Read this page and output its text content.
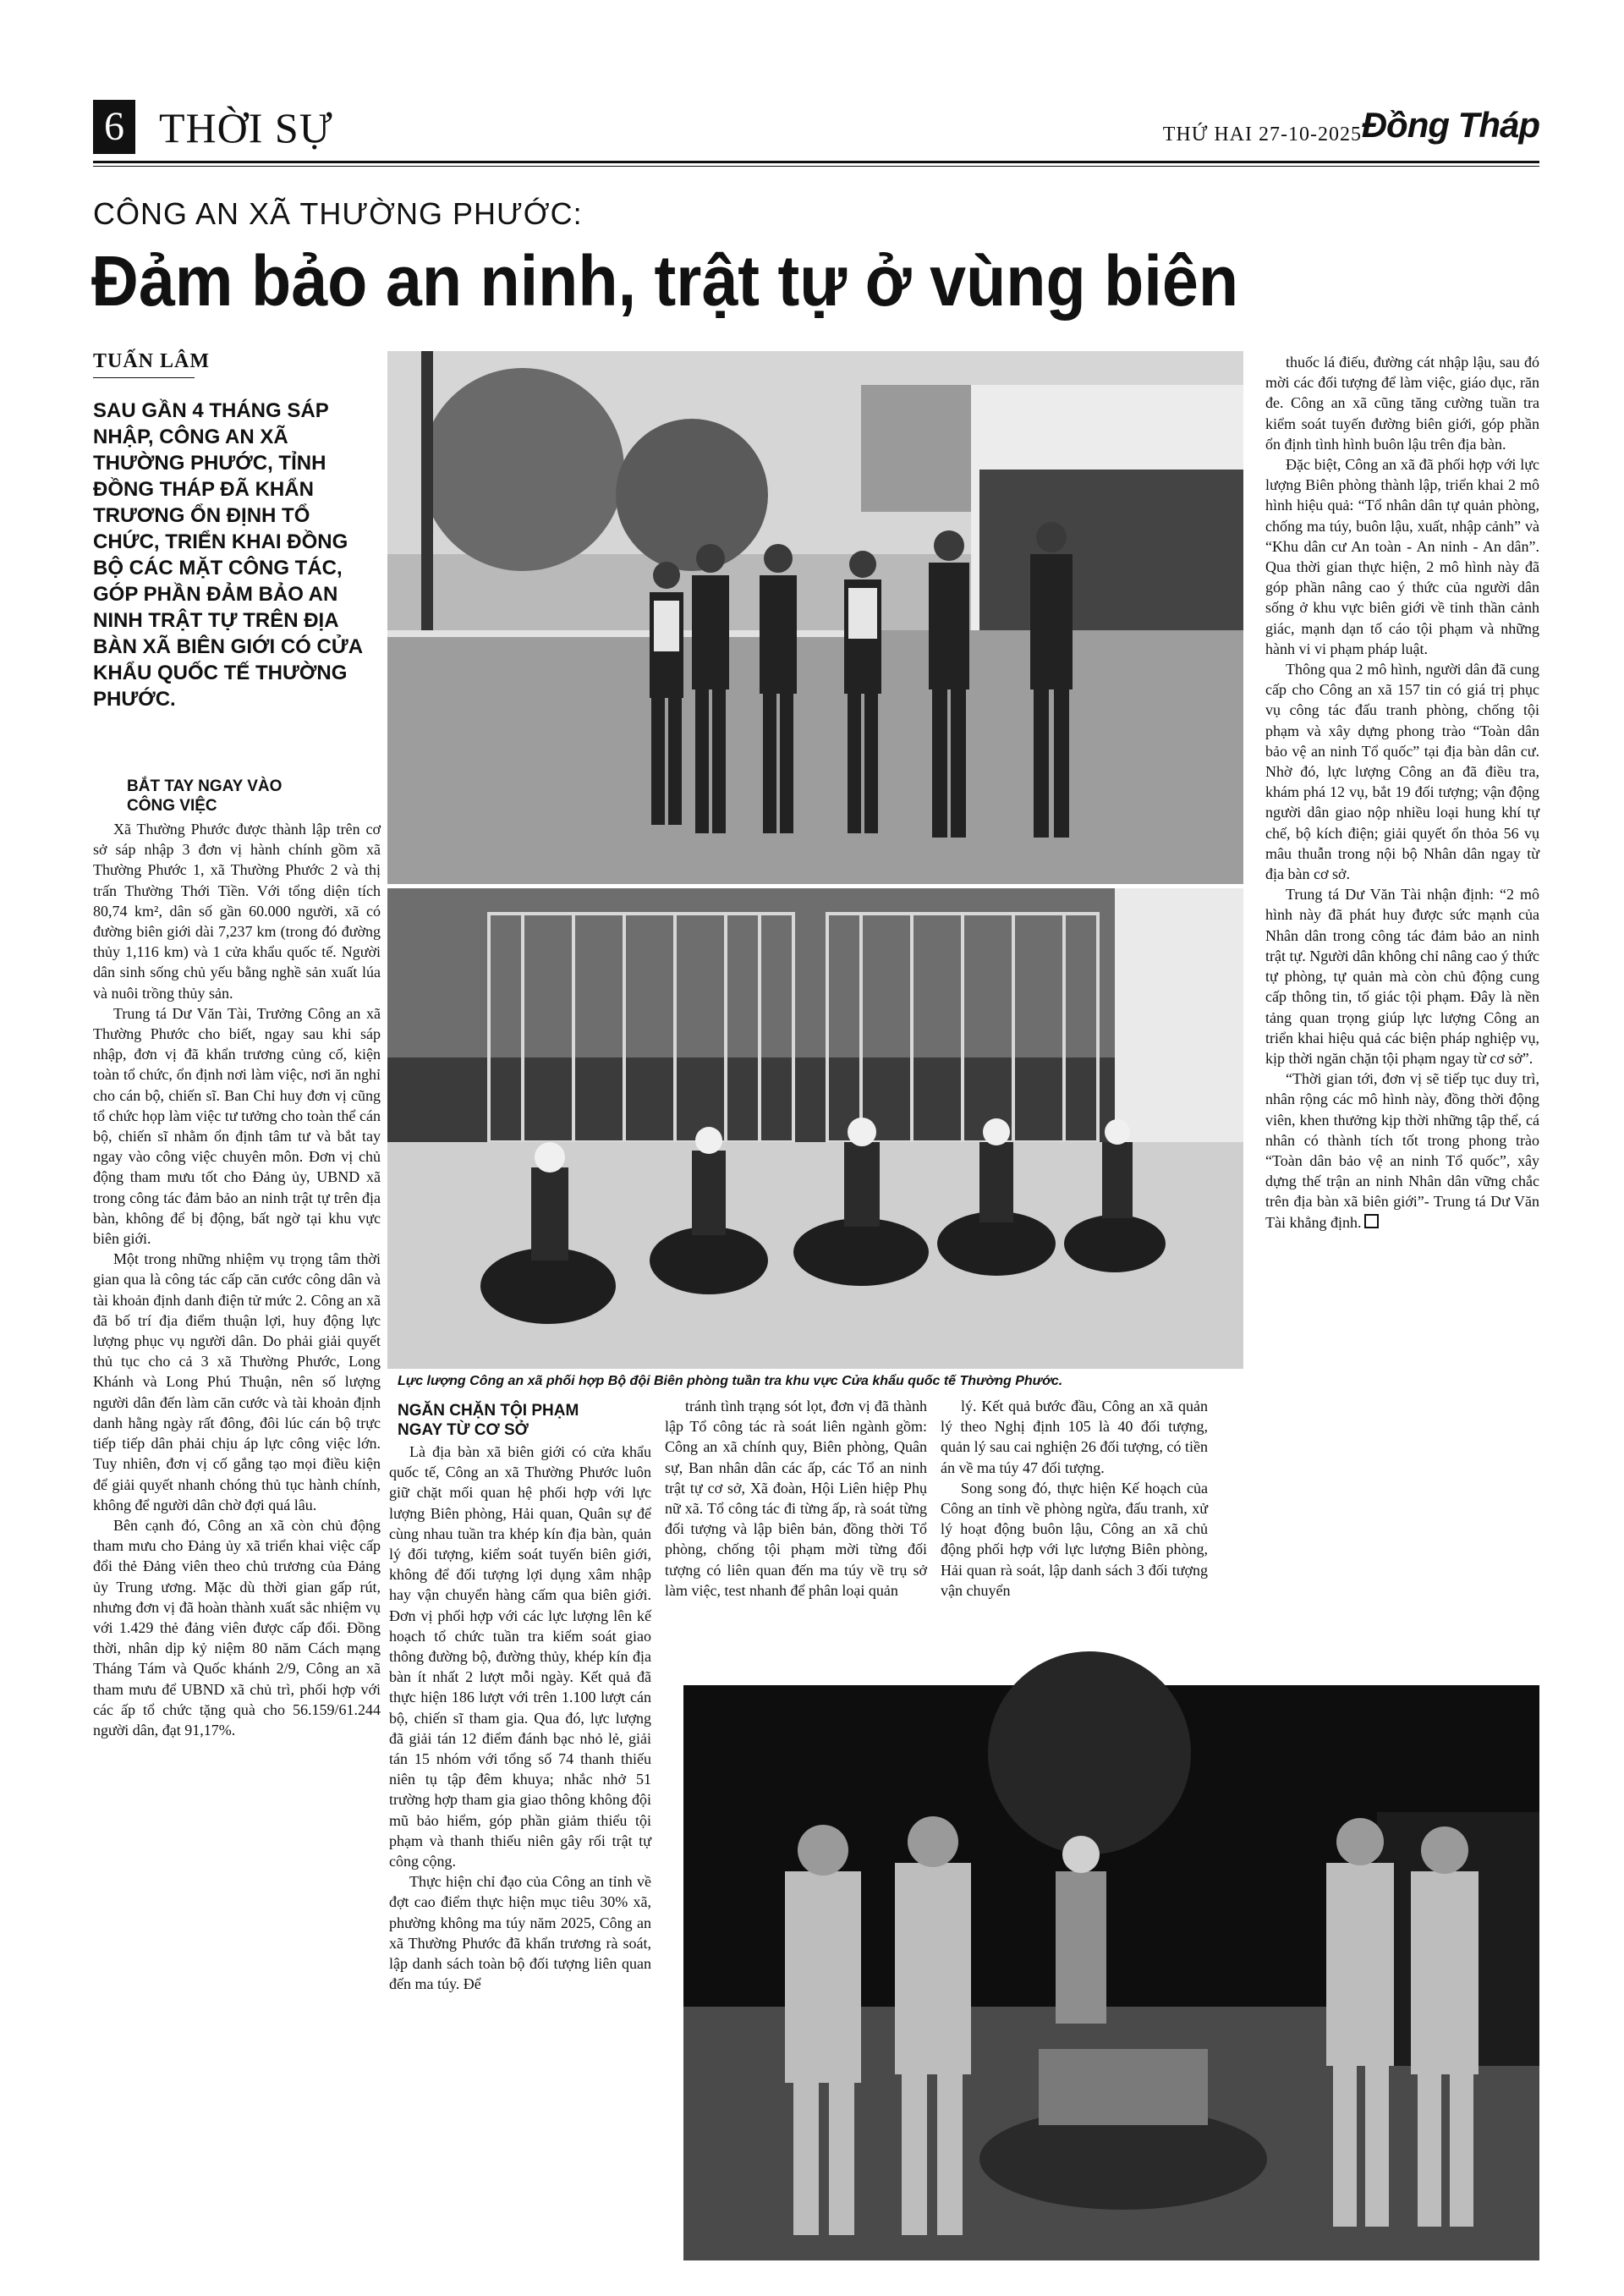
6 THỜI SỰ	THỨ HAI 27-10-2025 Đồng Tháp
CÔNG AN XÃ THƯỜNG PHƯỚC:
Đảm bảo an ninh, trật tự ở vùng biên
TUẤN LÂM
SAU GẦN 4 THÁNG SÁP NHẬP, CÔNG AN XÃ THƯỜNG PHƯỚC, TỈNH ĐỒNG THÁP ĐÃ KHẨN TRƯƠNG ỔN ĐỊNH TỔ CHỨC, TRIỂN KHAI ĐỒNG BỘ CÁC MẶT CÔNG TÁC, GÓP PHẦN ĐẢM BẢO AN NINH TRẬT TỰ TRÊN ĐỊA BÀN XÃ BIÊN GIỚI CÓ CỬA KHẨU QUỐC TẾ THƯỜNG PHƯỚC.
BẮT TAY NGAY VÀO CÔNG VIỆC

Xã Thường Phước được thành lập trên cơ sở sáp nhập 3 đơn vị hành chính gồm xã Thường Phước 1, xã Thường Phước 2 và thị trấn Thường Thới Tiền. Với tổng diện tích 80,74 km², dân số gần 60.000 người, xã có đường biên giới dài 7,237 km (trong đó đường thủy 1,116 km) và 1 cửa khẩu quốc tế. Người dân sinh sống chủ yếu bằng nghề sản xuất lúa và nuôi trồng thủy sản.

Trung tá Dư Văn Tài, Trưởng Công an xã Thường Phước cho biết, ngay sau khi sáp nhập, đơn vị đã khẩn trương củng cố, kiện toàn tổ chức, ổn định nơi làm việc, nơi ăn nghỉ cho cán bộ, chiến sĩ. Ban Chỉ huy đơn vị cũng tổ chức họp làm việc tư tưởng cho toàn thể cán bộ, chiến sĩ nhằm ổn định tâm tư và bắt tay ngay vào công việc chuyên môn. Đơn vị chủ động tham mưu tốt cho Đảng ủy, UBND xã trong công tác đảm bảo an ninh trật tự trên địa bàn, không để bị động, bất ngờ tại khu vực biên giới.

Một trong những nhiệm vụ trọng tâm thời gian qua là công tác cấp căn cước công dân và tài khoản định danh điện tử mức 2. Công an xã đã bố trí địa điểm thuận lợi, huy động lực lượng phục vụ người dân. Do phải giải quyết thủ tục cho cả 3 xã Thường Phước, Long Khánh và Long Phú Thuận, nên số lượng người dân đến làm căn cước và tài khoản định danh hằng ngày rất đông, đôi lúc cán bộ trực tiếp tiếp dân phải chịu áp lực công việc lớn. Tuy nhiên, đơn vị cố gắng tạo mọi điều kiện để giải quyết nhanh chóng thủ tục hành chính, không để người dân chờ đợi quá lâu.

Bên cạnh đó, Công an xã còn chủ động tham mưu cho Đảng ủy xã triển khai việc cấp đổi thẻ Đảng viên theo chủ trương của Đảng ủy Trung ương. Mặc dù thời gian gấp rút, nhưng đơn vị đã hoàn thành xuất sắc nhiệm vụ với 1.429 thẻ đảng viên được cấp đổi. Đồng thời, nhân dịp kỷ niệm 80 năm Cách mạng Tháng Tám và Quốc khánh 2/9, Công an xã tham mưu để UBND xã chủ trì, phối hợp với các ấp tổ chức tặng quà cho 56.159/61.244 người dân, đạt 91,17%.

Lực lượng Công an xã phối hợp Bộ đội Biên phòng tuần tra khu vực Cửa khẩu quốc tế Thường Phước.
NGĂN CHẶN TỘI PHẠM NGAY TỪ CƠ SỞ

Là địa bàn xã biên giới có cửa khẩu quốc tế, Công an xã Thường Phước luôn giữ chặt mối quan hệ phối hợp với lực lượng Biên phòng, Hải quan, Quân sự để cùng nhau tuần tra khép kín địa bàn, quản lý đối tượng, kiểm soát tuyến biên giới, không để đối tượng lợi dụng xâm nhập hay vận chuyển hàng cấm qua biên giới. Đơn vị phối hợp với các lực lượng lên kế hoạch tổ chức tuần tra kiểm soát giao thông đường bộ, đường thủy, khép kín địa bàn ít nhất 2 lượt mỗi ngày. Kết quả đã thực hiện 186 lượt với trên 1.100 lượt cán bộ, chiến sĩ tham gia. Qua đó, lực lượng đã giải tán 12 điểm đánh bạc nhỏ lẻ, giải tán 15 nhóm với tổng số 74 thanh thiếu niên tụ tập đêm khuya; nhắc nhở 51 trường hợp tham gia giao thông không đội mũ bảo hiểm, góp phần giảm thiểu tội phạm và thanh thiếu niên gây rối trật tự công cộng.

Thực hiện chỉ đạo của Công an tỉnh về đợt cao điểm thực hiện mục tiêu 30% xã, phường không ma túy năm 2025, Công an xã Thường Phước đã khẩn trương rà soát, lập danh sách toàn bộ đối tượng liên quan đến ma túy. Để

tránh tình trạng sót lọt, đơn vị đã thành lập Tổ công tác rà soát liên ngành gồm: Công an xã chính quy, Biên phòng, Quân sự, Ban nhân dân các ấp, các Tổ an ninh trật tự cơ sở, Xã đoàn, Hội Liên hiệp Phụ nữ xã. Tổ công tác đi từng ấp, rà soát từng đối tượng và lập biên bản, đồng thời Tổ phòng, chống tội phạm mời từng đối tượng có liên quan đến ma túy về trụ sở làm việc, test nhanh để phân loại quản

lý. Kết quả bước đầu, Công an xã quản lý theo Nghị định 105 là 40 đối tượng, quản lý sau cai nghiện 26 đối tượng, có tiền án về ma túy 47 đối tượng.

Song song đó, thực hiện Kế hoạch của Công an tỉnh về phòng ngừa, đấu tranh, xử lý hoạt động buôn lậu, Công an xã chủ động phối hợp với lực lượng Biên phòng, Hải quan rà soát, lập danh sách 3 đối tượng vận chuyển

thuốc lá điếu, đường cát nhập lậu, sau đó mời các đối tượng để làm việc, giáo dục, răn đe. Công an xã cũng tăng cường tuần tra kiểm soát tuyến đường biên giới, góp phần ổn định tình hình buôn lậu trên địa bàn.

Đặc biệt, Công an xã đã phối hợp với lực lượng Biên phòng thành lập, triển khai 2 mô hình hiệu quả: “Tổ nhân dân tự quản phòng, chống ma túy, buôn lậu, xuất, nhập cảnh” và “Khu dân cư An toàn - An ninh - An dân”. Qua thời gian thực hiện, 2 mô hình này đã góp phần nâng cao ý thức của người dân sống ở khu vực biên giới về tinh thần cảnh giác, mạnh dạn tố cáo tội phạm và những hành vi vi phạm pháp luật.

Thông qua 2 mô hình, người dân đã cung cấp cho Công an xã 157 tin có giá trị phục vụ công tác đấu tranh phòng, chống tội phạm và xây dựng phong trào “Toàn dân bảo vệ an ninh Tổ quốc” tại địa bàn dân cư. Nhờ đó, lực lượng Công an đã điều tra, khám phá 12 vụ, bắt 19 đối tượng; vận động người dân giao nộp nhiều loại hung khí tự chế, bộ kích điện; giải quyết ổn thỏa 56 vụ mâu thuẫn trong nội bộ Nhân dân ngay từ địa bàn cơ sở.

Trung tá Dư Văn Tài nhận định: “2 mô hình này đã phát huy được sức mạnh của Nhân dân trong công tác đảm bảo an ninh trật tự. Người dân không chỉ nâng cao ý thức tự phòng, tự quản mà còn chủ động cung cấp thông tin, tố giác tội phạm. Đây là nền tảng quan trọng giúp lực lượng Công an triển khai hiệu quả các biện pháp nghiệp vụ, kịp thời ngăn chặn tội phạm ngay từ cơ sở”.

“Thời gian tới, đơn vị sẽ tiếp tục duy trì, nhân rộng các mô hình này, đồng thời động viên, khen thưởng kịp thời những tập thể, cá nhân có thành tích tốt trong phong trào “Toàn dân bảo vệ an ninh Tổ quốc”, xây dựng thế trận an ninh Nhân dân vững chắc trên địa bàn xã biên giới”- Trung tá Dư Văn Tài khẳng định.
